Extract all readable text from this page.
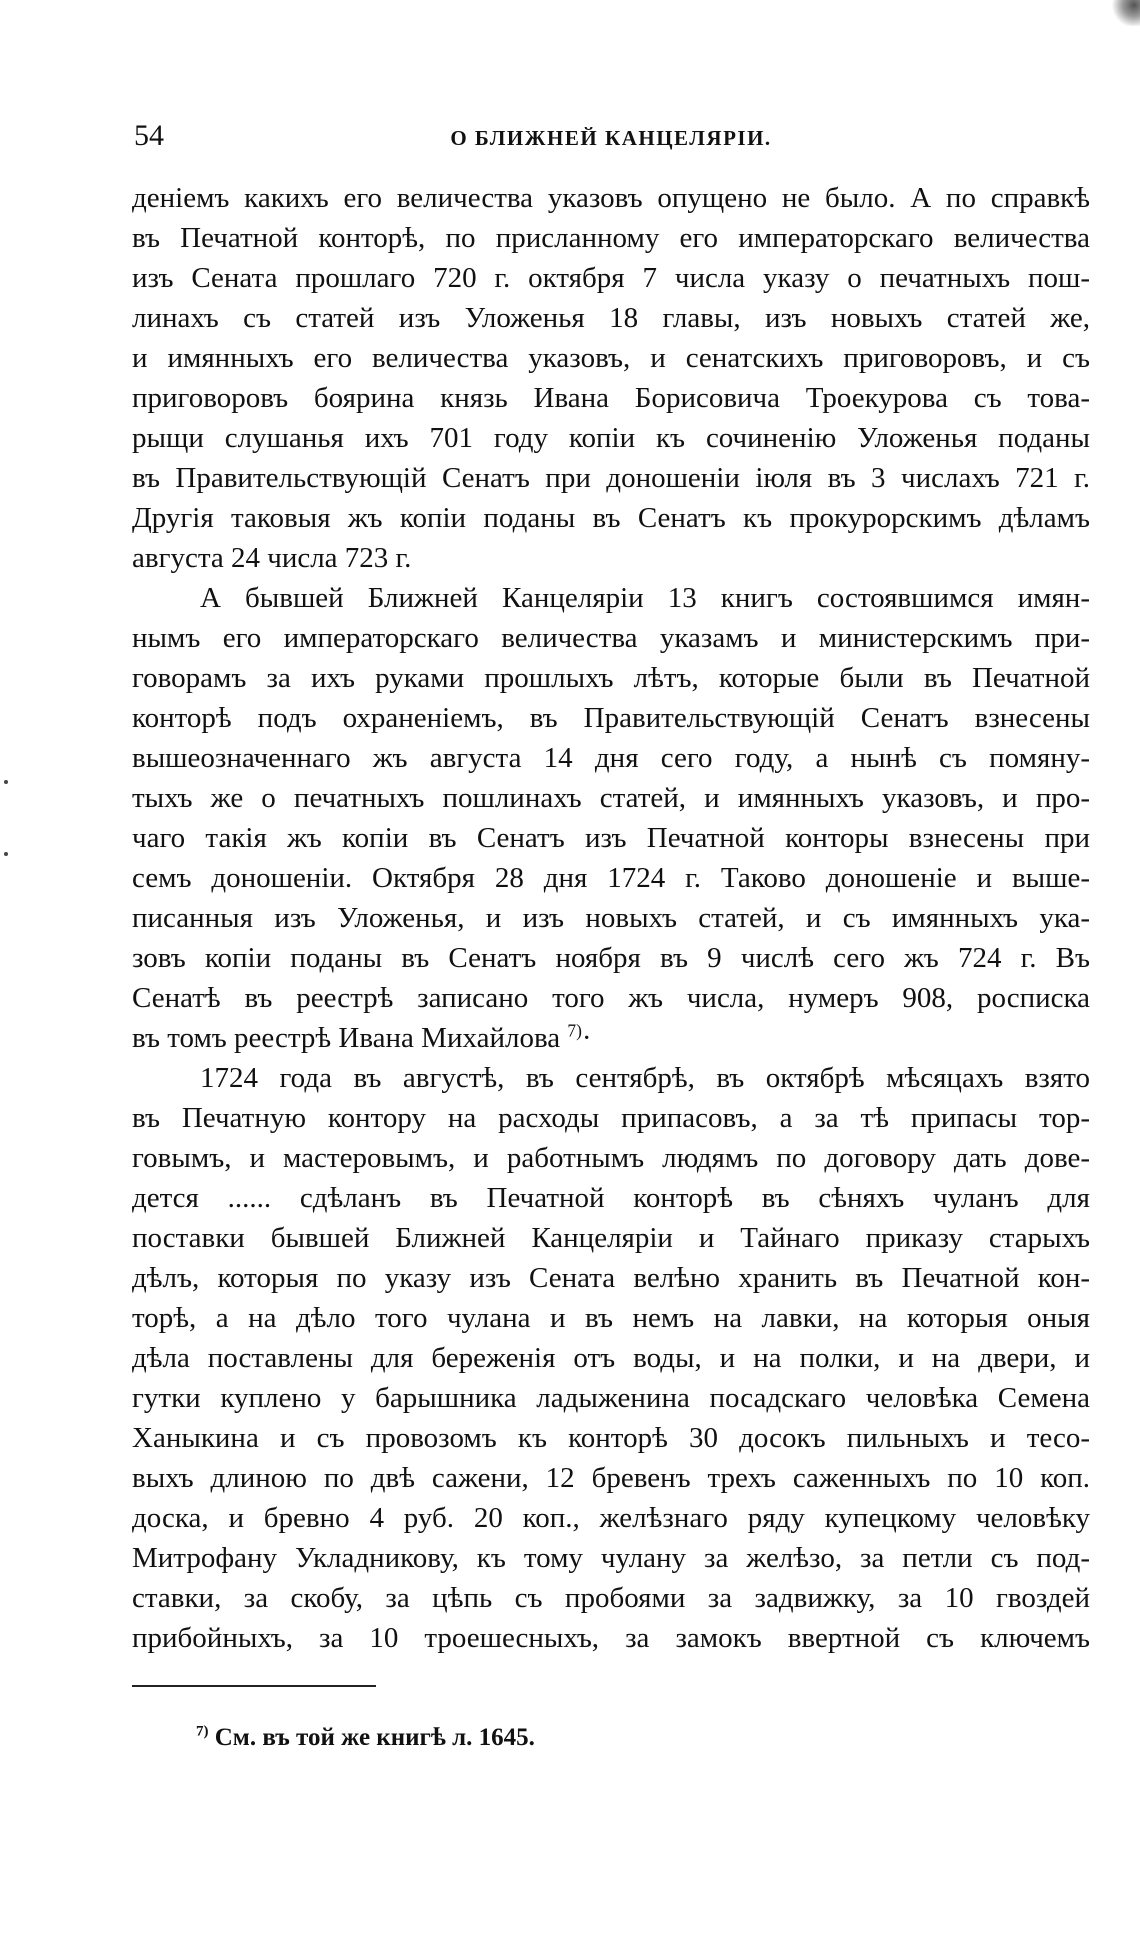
54	О БЛИЖНЕЙ КАНЦЕЛЯРІИ.
деніемъ какихъ его величества указовъ опущено не было. А по справкѣ
въ Печатной конторѣ, по присланному его императорскаго величества
изъ Сената прошлаго 720 г. октября 7 числа указу о печатныхъ пош-
линахъ съ статей изъ Уложенья 18 главы, изъ новыхъ статей же,
и имянныхъ его величества указовъ, и сенатскихъ приговоровъ, и съ
приговоровъ боярина князь Ивана Борисовича Троекурова съ това-
рыщи слушанья ихъ 701 году копіи къ сочиненію Уложенья поданы
въ Правительствующій Сенатъ при доношеніи іюля въ 3 числахъ 721 г.
Другія таковыя жъ копіи поданы въ Сенатъ къ прокурорскимъ дѣламъ
августа 24 числа 723 г.
А бывшей Ближней Канцеляріи 13 книгъ состоявшимся имян-
нымъ его императорскаго величества указамъ и министерскимъ при-
говорамъ за ихъ руками прошлыхъ лѣтъ, которые были въ Печатной
конторѣ подъ охраненіемъ, въ Правительствующій Сенатъ взнесены
вышеозначеннаго жъ августа 14 дня сего году, а нынѣ съ помяну-
тыхъ же о печатныхъ пошлинахъ статей, и имянныхъ указовъ, и про-
чаго такія жъ копіи въ Сенатъ изъ Печатной конторы взнесены при
семъ доношеніи. Октября 28 дня 1724 г. Таково доношеніе и выше-
писанныя изъ Уложенья, и изъ новыхъ статей, и съ имянныхъ ука-
зовъ копіи поданы въ Сенатъ ноября въ 9 числѣ сего жъ 724 г. Въ
Сенатѣ въ реестрѣ записано того жъ числа, нумеръ 908, росписка
въ томъ реестрѣ Ивана Михайлова $^{7)}$·
1724 года въ августѣ, въ сентябрѣ, въ октябрѣ мѣсяцахъ взято
въ Печатную контору на расходы припасовъ, а за тѣ припасы тор-
говымъ, и мастеровымъ, и работнымъ людямъ по договору дать дове-
дется ...... сдѣланъ въ Печатной конторѣ въ сѣняхъ чуланъ для
поставки бывшей Ближней Канцеляріи и Тайнаго приказу старыхъ
дѣлъ, которыя по указу изъ Сената велѣно хранить въ Печатной кон-
торѣ, а на дѣло того чулана и въ немъ на лавки, на которыя оныя
дѣла поставлены для береженія отъ воды, и на полки, и на двери, и
гутки куплено у барышника ладыженина посадскаго человѣка Семена
Ханыкина и съ провозомъ къ конторѣ 30 досокъ пильныхъ и тесо-
выхъ длиною по двѣ сажени, 12 бревенъ трехъ саженныхъ по 10 коп.
доска, и бревно 4 руб. 20 коп., желѣзнаго ряду купецкому человѣку
Митрофану Укладникову, къ тому чулану за желѣзо, за петли съ под-
ставки, за скобу, за цѣпь съ пробоями за задвижку, за 10 гвоздей
прибойныхъ, за 10 троешесныхъ, за замокъ ввертной съ ключемъ
$^{7)}$ См. въ той же книгѣ л. 1645.
